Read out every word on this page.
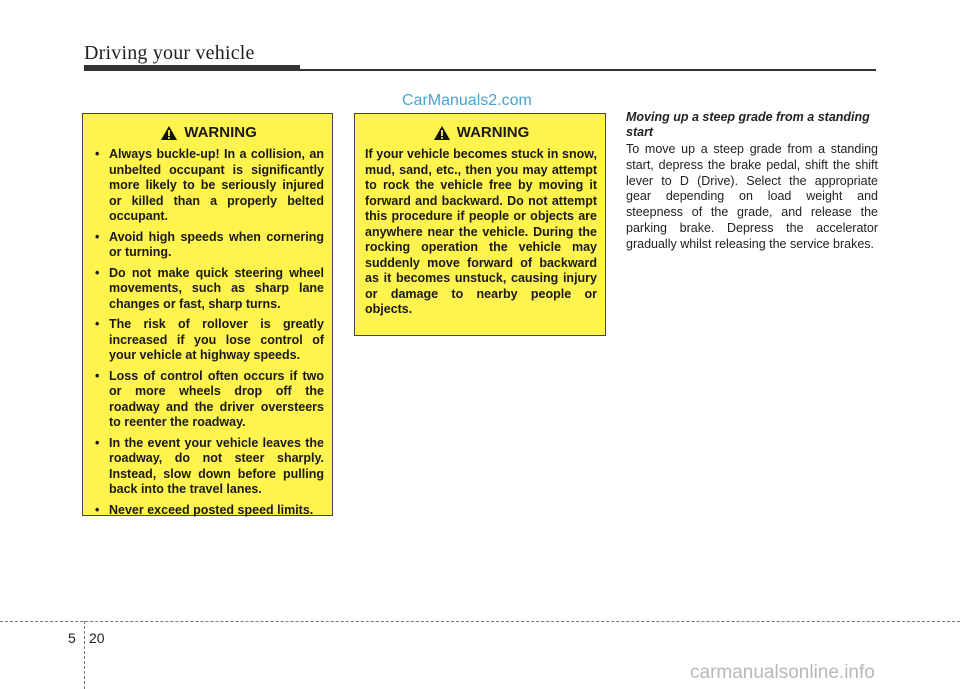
Driving your vehicle
CarManuals2.com
WARNING
• Always buckle-up! In a collision, an unbelted occupant is significantly more likely to be seriously injured or killed than a properly belted occupant.
• Avoid high speeds when cornering or turning.
• Do not make quick steering wheel movements, such as sharp lane changes or fast, sharp turns.
• The risk of rollover is greatly increased if you lose control of your vehicle at highway speeds.
• Loss of control often occurs if two or more wheels drop off the roadway and the driver oversteers to reenter the roadway.
• In the event your vehicle leaves the roadway, do not steer sharply. Instead, slow down before pulling back into the travel lanes.
• Never exceed posted speed limits.
WARNING

If your vehicle becomes stuck in snow, mud, sand, etc., then you may attempt to rock the vehicle free by moving it forward and backward. Do not attempt this procedure if people or objects are anywhere near the vehicle. During the rocking operation the vehicle may suddenly move forward of backward as it becomes unstuck, causing injury or damage to nearby people or objects.

Moving up a steep grade from a standing start

To move up a steep grade from a standing start, depress the brake pedal, shift the shift lever to D (Drive). Select the appropriate gear depending on load weight and steepness of the grade, and release the parking brake. Depress the accelerator gradually whilst releasing the service brakes.

5 20
carmanualsonline.info
